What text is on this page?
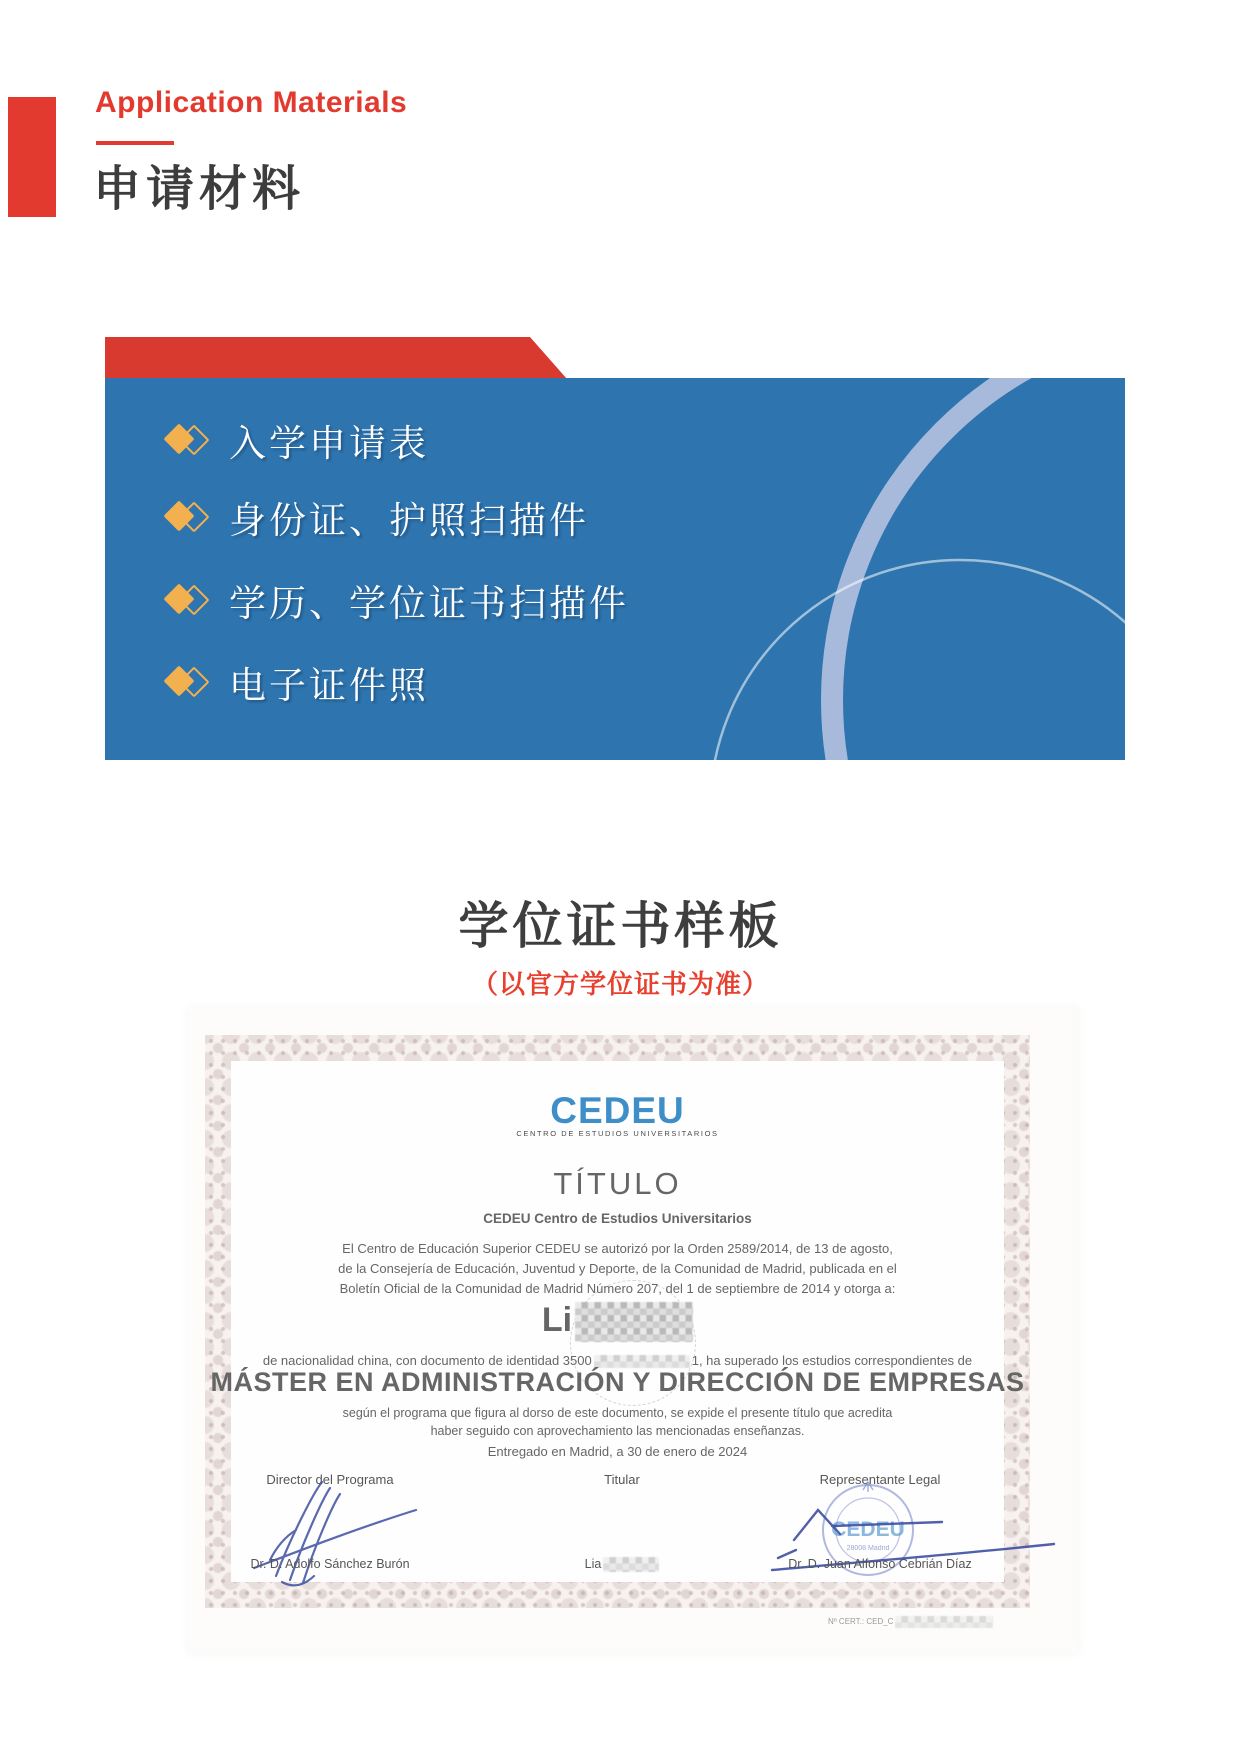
Application Materials
申请材料
入学申请表
身份证、护照扫描件
学历、学位证书扫描件
电子证件照
学位证书样板
（以官方学位证书为准）
CEDEU
CENTRO DE ESTUDIOS UNIVERSITARIOS
TÍTULO
CEDEU Centro de Estudios Universitarios
El Centro de Educación Superior CEDEU se autorizó por la Orden 2589/2014, de 13 de agosto,
de la Consejería de Educación, Juventud y Deporte, de la Comunidad de Madrid, publicada en el
Boletín Oficial de la Comunidad de Madrid Número 207, del 1 de septiembre de 2014 y otorga a:
Li
de nacionalidad china, con documento de identidad 3500	1, ha superado los estudios correspondientes de
MÁSTER EN ADMINISTRACIÓN Y DIRECCIÓN DE EMPRESAS
según el programa que figura al dorso de este documento, se expide el presente título que acredita
haber seguido con aprovechamiento las mencionadas enseñanzas.
Entregado en Madrid, a 30 de enero de 2024
Director del Programa	Titular	Representante Legal
CEDEU
28008 Madrid
Dr. D. Adolfo Sánchez Burón	Lia	Dr. D. Juan Alfonso Cebrián Díaz
Nº CERT.: CED_C
